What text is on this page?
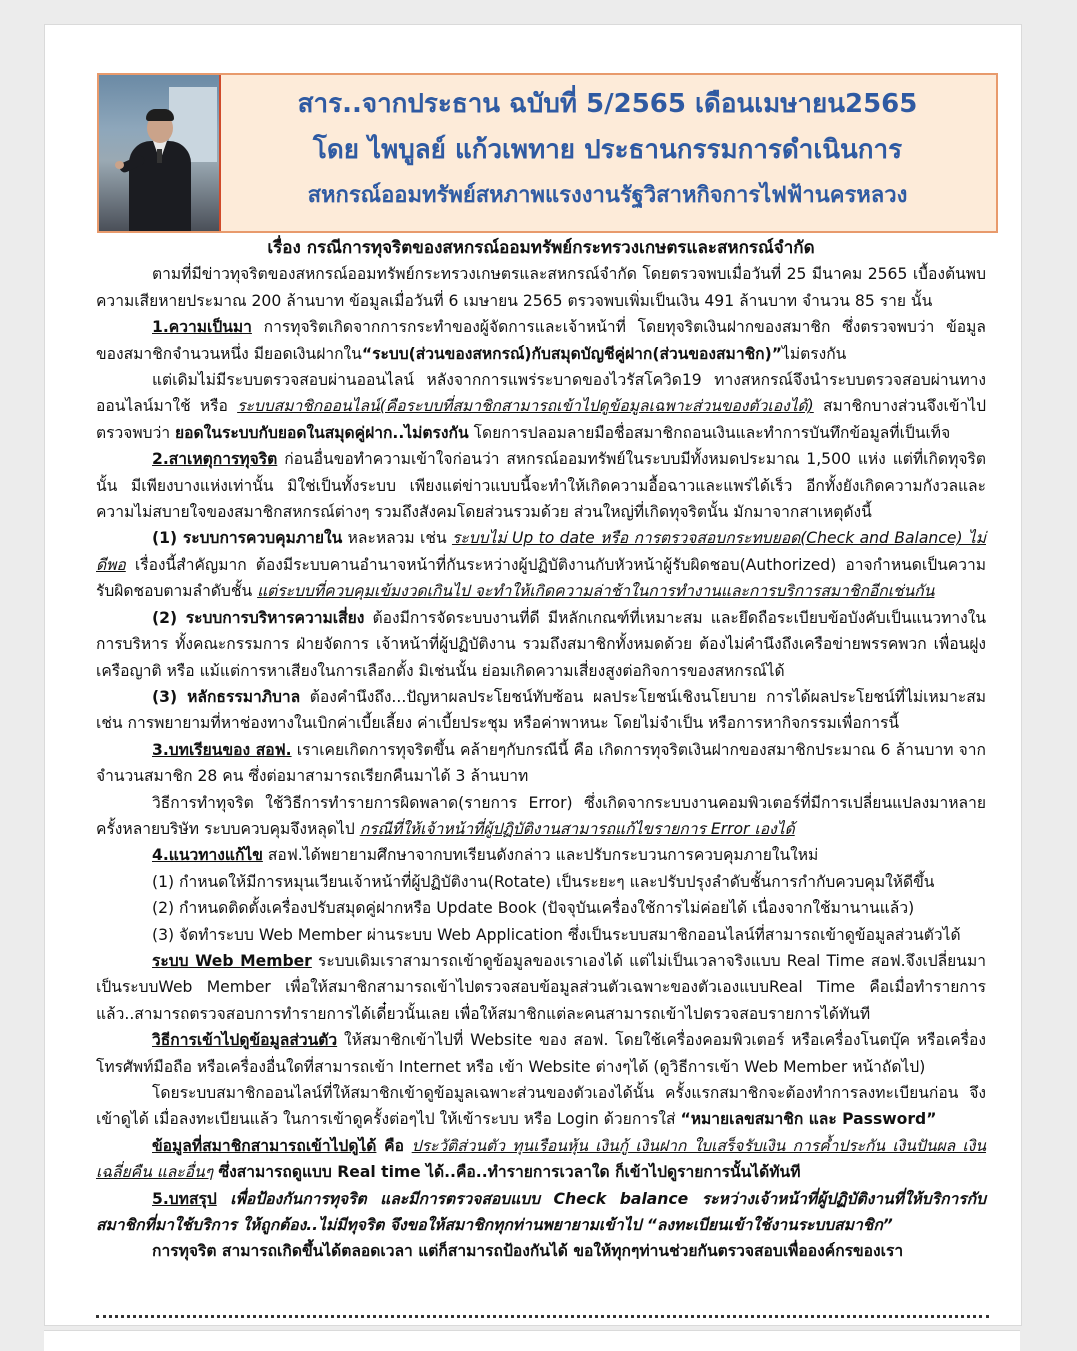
สาร..จากประธาน ฉบับที่ 5/2565 เดือนเมษายน2565
โดย ไพบูลย์ แก้วเพทาย ประธานกรรมการดำเนินการ
สหกรณ์ออมทรัพย์สหภาพแรงงานรัฐวิสาหกิจการไฟฟ้านครหลวง

เรื่อง กรณีการทุจริตของสหกรณ์ออมทรัพย์กระทรวงเกษตรและสหกรณ์จำกัด

ตามที่มีข่าวทุจริตของสหกรณ์ออมทรัพย์กระทรวงเกษตรและสหกรณ์จำกัด โดยตรวจพบเมื่อวันที่ 25 มีนาคม 2565 เบื้องต้นพบความเสียหายประมาณ 200 ล้านบาท ข้อมูลเมื่อวันที่ 6 เมษายน 2565 ตรวจพบเพิ่มเป็นเงิน 491 ล้านบาท จำนวน 85 ราย นั้น

1.ความเป็นมา การทุจริตเกิดจากการกระทำของผู้จัดการและเจ้าหน้าที่ โดยทุจริตเงินฝากของสมาชิก ซึ่งตรวจพบว่า ข้อมูลของสมาชิกจำนวนหนึ่ง มียอดเงินฝากใน“ระบบ(ส่วนของสหกรณ์)กับสมุดบัญชีคู่ฝาก(ส่วนของสมาชิก)”ไม่ตรงกัน

แต่เดิมไม่มีระบบตรวจสอบผ่านออนไลน์ หลังจากการแพร่ระบาดของไวรัสโควิด19 ทางสหกรณ์จึงนำระบบตรวจสอบผ่านทางออนไลน์มาใช้ หรือ ระบบสมาชิกออนไลน์(คือระบบที่สมาชิกสามารถเข้าไปดูข้อมูลเฉพาะส่วนของตัวเองได้) สมาชิกบางส่วนจึงเข้าไปตรวจพบว่า ยอดในระบบกับยอดในสมุดคู่ฝาก..ไม่ตรงกัน โดยการปลอมลายมือชื่อสมาชิกถอนเงินและทำการบันทึกข้อมูลที่เป็นเท็จ

2.สาเหตุการทุจริต ก่อนอื่นขอทำความเข้าใจก่อนว่า สหกรณ์ออมทรัพย์ในระบบมีทั้งหมดประมาณ 1,500 แห่ง แต่ที่เกิดทุจริตนั้น มีเพียงบางแห่งเท่านั้น มิใช่เป็นทั้งระบบ เพียงแต่ข่าวแบบนี้จะทำให้เกิดความอื้อฉาวและแพร่ได้เร็ว อีกทั้งยังเกิดความกังวลและความไม่สบายใจของสมาชิกสหกรณ์ต่างๆ รวมถึงสังคมโดยส่วนรวมด้วย ส่วนใหญ่ที่เกิดทุจริตนั้น มักมาจากสาเหตุดังนี้

(1) ระบบการควบคุมภายใน หละหลวม เช่น ระบบไม่ Up to date หรือ การตรวจสอบกระทบยอด(Check and Balance) ไม่ดีพอ เรื่องนี้สำคัญมาก ต้องมีระบบคานอำนาจหน้าที่กันระหว่างผู้ปฏิบัติงานกับหัวหน้าผู้รับผิดชอบ(Authorized) อาจกำหนดเป็นความรับผิดชอบตามลำดับชั้น แต่ระบบที่ควบคุมเข้มงวดเกินไป จะทำให้เกิดความล่าช้าในการทำงานและการบริการสมาชิกอีกเช่นกัน

(2) ระบบการบริหารความเสี่ยง ต้องมีการจัดระบบงานที่ดี มีหลักเกณฑ์ที่เหมาะสม และยึดถือระเบียบข้อบังคับเป็นแนวทางในการบริหาร ทั้งคณะกรรมการ ฝ่ายจัดการ เจ้าหน้าที่ผู้ปฏิบัติงาน รวมถึงสมาชิกทั้งหมดด้วย ต้องไม่คำนึงถึงเครือข่ายพรรคพวก เพื่อนฝูง เครือญาติ หรือ แม้แต่การหาเสียงในการเลือกตั้ง มิเช่นนั้น ย่อมเกิดความเสี่ยงสูงต่อกิจการของสหกรณ์ได้

(3) หลักธรรมาภิบาล ต้องคำนึงถึง...ปัญหาผลประโยชน์ทับซ้อน ผลประโยชน์เชิงนโยบาย การได้ผลประโยชน์ที่ไม่เหมาะสม เช่น การพยายามที่หาช่องทางในเบิกค่าเบี้ยเลี้ยง ค่าเบี้ยประชุม หรือค่าพาหนะ โดยไม่จำเป็น หรือการหากิจกรรมเพื่อการนี้

3.บทเรียนของ สอฟ. เราเคยเกิดการทุจริตขึ้น คล้ายๆกับกรณีนี้ คือ เกิดการทุจริตเงินฝากของสมาชิกประมาณ 6 ล้านบาท จากจำนวนสมาชิก 28 คน ซึ่งต่อมาสามารถเรียกคืนมาได้ 3 ล้านบาท

วิธีการทำทุจริต ใช้วิธีการทำรายการผิดพลาด(รายการ Error) ซึ่งเกิดจากระบบงานคอมพิวเตอร์ที่มีการเปลี่ยนแปลงมาหลายครั้งหลายบริษัท ระบบควบคุมจึงหลุดไป กรณีที่ให้เจ้าหน้าที่ผู้ปฏิบัติงานสามารถแก้ไขรายการ Error เองได้

4.แนวทางแก้ไข สอฟ.ได้พยายามศึกษาจากบทเรียนดังกล่าว และปรับกระบวนการควบคุมภายในใหม่

(1) กำหนดให้มีการหมุนเวียนเจ้าหน้าที่ผู้ปฏิบัติงาน(Rotate) เป็นระยะๆ และปรับปรุงลำดับชั้นการกำกับควบคุมให้ดีขึ้น

(2) กำหนดติดตั้งเครื่องปรับสมุดคู่ฝากหรือ Update Book (ปัจจุบันเครื่องใช้การไม่ค่อยได้ เนื่องจากใช้มานานแล้ว)

(3) จัดทำระบบ Web Member ผ่านระบบ Web Application ซึ่งเป็นระบบสมาชิกออนไลน์ที่สามารถเข้าดูข้อมูลส่วนตัวได้

ระบบ Web Member ระบบเดิมเราสามารถเข้าดูข้อมูลของเราเองได้ แต่ไม่เป็นเวลาจริงแบบ Real Time สอฟ.จึงเปลี่ยนมาเป็นระบบWeb Member เพื่อให้สมาชิกสามารถเข้าไปตรวจสอบข้อมูลส่วนตัวเฉพาะของตัวเองแบบReal Time คือเมื่อทำรายการแล้ว..สามารถตรวจสอบการทำรายการได้เดี๋ยวนั้นเลย เพื่อให้สมาชิกแต่ละคนสามารถเข้าไปตรวจสอบรายการได้ทันที

วิธีการเข้าไปดูข้อมูลส่วนตัว ให้สมาชิกเข้าไปที่ Website ของ สอฟ. โดยใช้เครื่องคอมพิวเตอร์ หรือเครื่องโนตบุ๊ค หรือเครื่องโทรศัพท์มือถือ หรือเครื่องอื่นใดที่สามารถเข้า Internet หรือ เข้า Website ต่างๆได้ (ดูวิธีการเข้า Web Member หน้าถัดไป)

โดยระบบสมาชิกออนไลน์ที่ให้สมาชิกเข้าดูข้อมูลเฉพาะส่วนของตัวเองได้นั้น ครั้งแรกสมาชิกจะต้องทำการลงทะเบียนก่อน จึงเข้าดูได้ เมื่อลงทะเบียนแล้ว ในการเข้าดูครั้งต่อๆไป ให้เข้าระบบ หรือ Login ด้วยการใส่ “หมายเลขสมาชิก และ Password”

ข้อมูลที่สมาชิกสามารถเข้าไปดูได้ คือ ประวัติส่วนตัว ทุนเรือนหุ้น เงินกู้ เงินฝาก ใบเสร็จรับเงิน การค้ำประกัน เงินปันผล เงินเฉลี่ยคืน และอื่นๆ ซึ่งสามารถดูแบบ Real time ได้..คือ..ทำรายการเวลาใด ก็เข้าไปดูรายการนั้นได้ทันที

5.บทสรุป เพื่อป้องกันการทุจริต และมีการตรวจสอบแบบ Check balance ระหว่างเจ้าหน้าที่ผู้ปฏิบัติงานที่ให้บริการกับสมาชิกที่มาใช้บริการ ให้ถูกต้อง..ไม่มีทุจริต จึงขอให้สมาชิกทุกท่านพยายามเข้าไป “ลงทะเบียนเข้าใช้งานระบบสมาชิก”

การทุจริต สามารถเกิดขึ้นได้ตลอดเวลา แต่ก็สามารถป้องกันได้ ขอให้ทุกๆท่านช่วยกันตรวจสอบเพื่อองค์กรของเรา
